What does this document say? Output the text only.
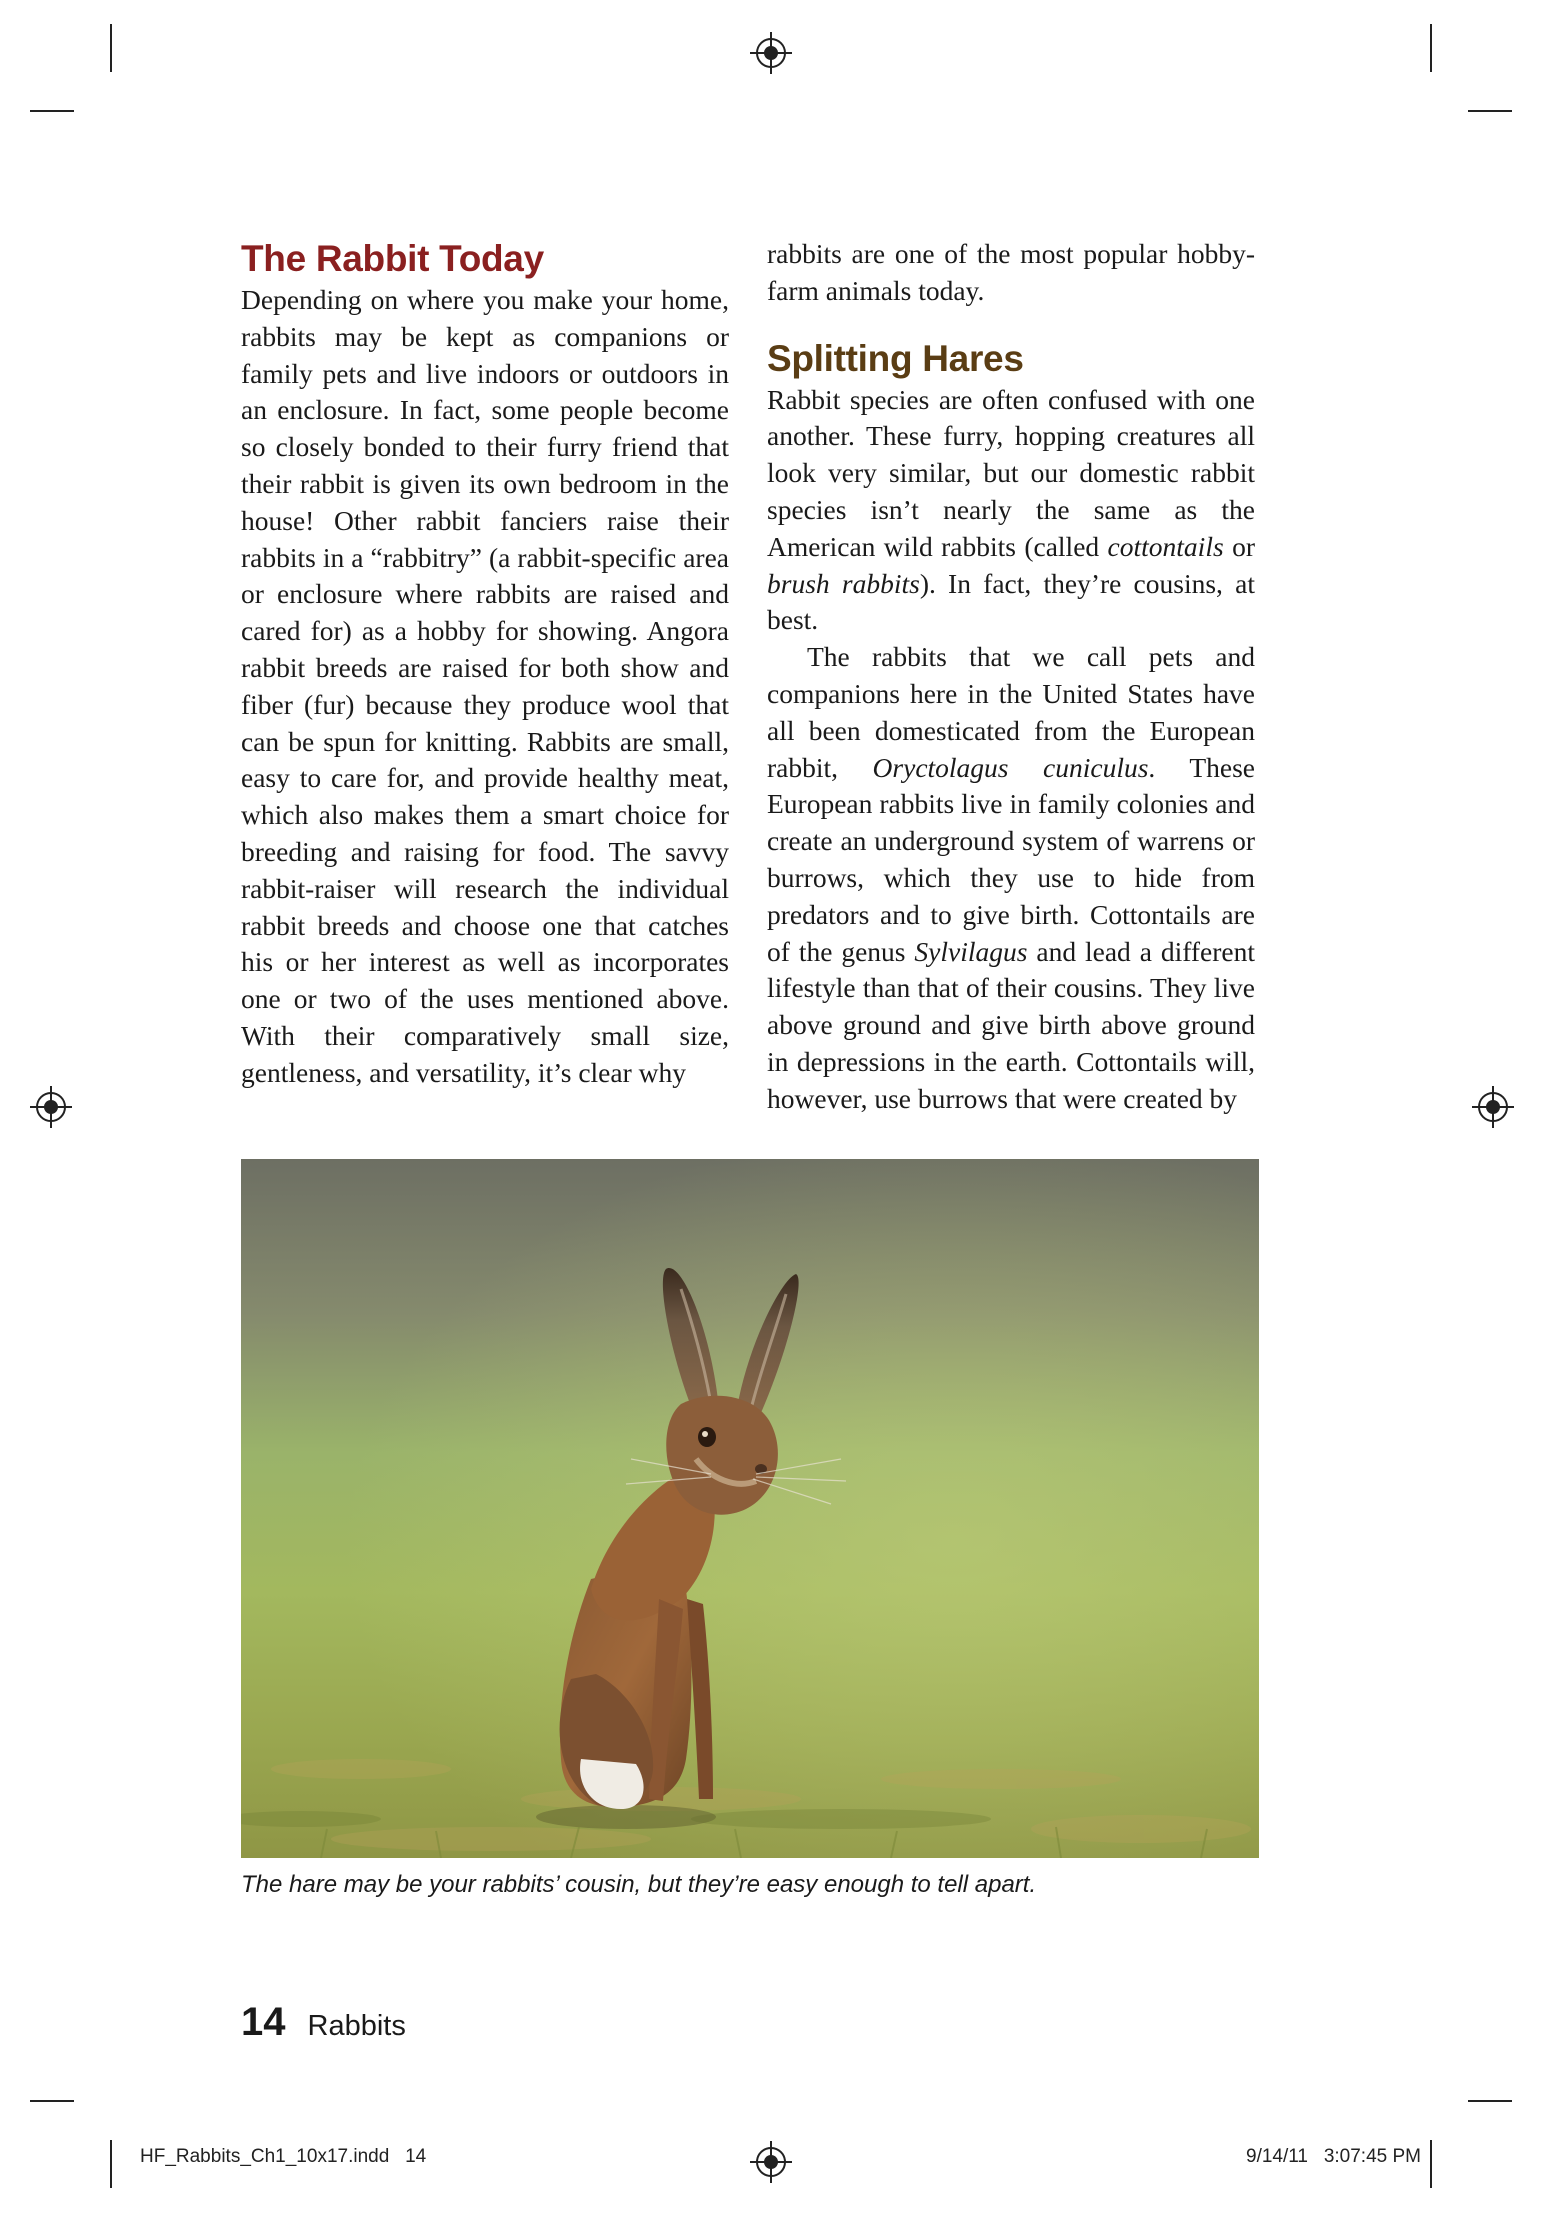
The Rabbit Today

Depending on where you make your home, rabbits may be kept as companions or family pets and live indoors or outdoors in an enclosure. In fact, some people become so closely bonded to their furry friend that their rabbit is given its own bedroom in the house! Other rabbit fanciers raise their rabbits in a “rabbitry” (a rabbit-specific area or enclosure where rabbits are raised and cared for) as a hobby for showing. Angora rabbit breeds are raised for both show and fiber (fur) because they produce wool that can be spun for knitting. Rabbits are small, easy to care for, and provide healthy meat, which also makes them a smart choice for breeding and raising for food. The savvy rabbit-raiser will research the individual rabbit breeds and choose one that catches his or her interest as well as incorporates one or two of the uses mentioned above. With their comparatively small size, gentleness, and versatility, it’s clear why

rabbits are one of the most popular hobby-farm animals today.

Splitting Hares

Rabbit species are often confused with one another. These furry, hopping creatures all look very similar, but our domestic rabbit species isn’t nearly the same as the American wild rabbits (called cottontails or brush rabbits). In fact, they’re cousins, at best.

The rabbits that we call pets and companions here in the United States have all been domesticated from the European rabbit, Oryctolagus cuniculus. These European rabbits live in family colonies and create an underground system of warrens or burrows, which they use to hide from predators and to give birth. Cottontails are of the genus Sylvilagus and lead a different lifestyle than that of their cousins. They live above ground and give birth above ground in depressions in the earth. Cottontails will, however, use burrows that were created by

The hare may be your rabbits’ cousin, but they’re easy enough to tell apart.
14 Rabbits
HF_Rabbits_Ch1_10x17.indd   14	9/14/11   3:07:45 PM
